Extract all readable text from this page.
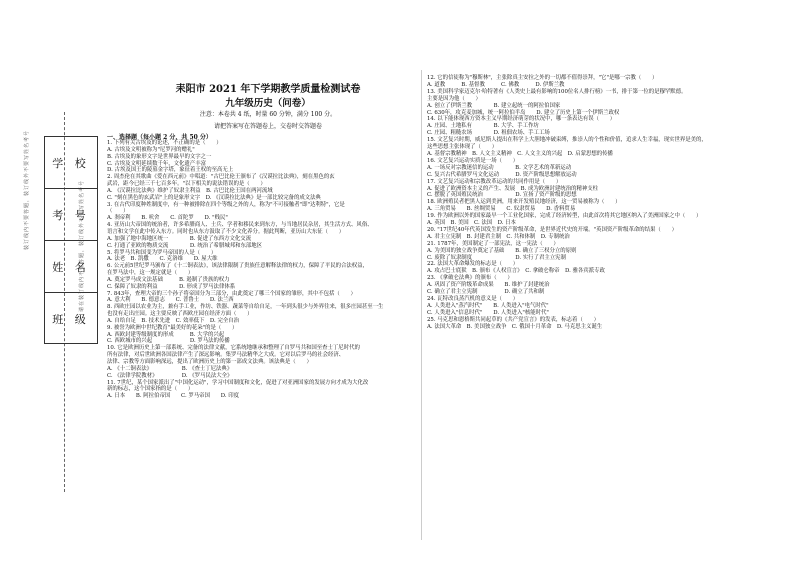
装订线内不要答题，装订线外不要写姓名考号	请在装订线内不要答题，装订线外不要写姓名考号
学 校
考 号
姓 名
班 级
耒阳市 2021 年下学期教学质量检测试卷
九年级历史（问卷）
注意：本卷共 4 纸，时量 60 分钟，满分 100 分。
请把答案写在答题卷上，交卷时交答题卷
一、选择题（每小题 2 分，共 50 分）

1. 下列有关古埃及的论述，不正确的是（　　）

A. 古埃及文明被称为"尼罗河的赠礼"

B. 古埃及的象形文字是世界最早的文字之一

C. 古埃及文明延续数千年，文化遗产丰富

D. 古埃及国王的陵墓金字塔，象征着王权的至高无上

2. 周杰伦在其歌曲《爱在西元前》中唱道："古巴比伦王颁布了《汉谟拉比法典》，刻在黑色的玄

武岩，距今已经三千七百多年。"以下相关的说法错误的是（　　）

A. 《汉谟拉比法典》维护了奴隶主利益　B. 古巴比伦王国在两河流域

C. "刻在黑色的玄武岩"上的是象形文字　D. 《汉谟拉比法典》是一部比较完备的成文法典

3. 在古代印度种姓制度中，有一种被排除在四个等级之外的人，称为"不可接触者"即"达利特"，它是

（　　）

A. 刹帝利　　B. 吠舍　　C. 首陀罗　　D. "贱民"

4. 亚历山大帝国的统治者，许多希腊商人、士兵、学者和移民来到东方，与当地居民杂居，其生活方式、风俗、

语言和文学在此中传入东方。同时也从东方汲取了不少文化养分。据此判断，亚历山大东征（　　）

A. 加强了地中海地区统一　　　　B. 促进了东西方文化交流

C. 打通了亚欧的物质交流　　　　D. 统治了希腊城邦和东部地区

5. 将罗马共和国变为罗马帝国的人是（　　）

A. 法老　B. 凯撒　　C. 克洛维　　D. 屋大维

6. 公元前5世纪罗马颁布了《十二铜表法》，该法律限制了贵族任意解释法律的权力，保障了平民的合法权益，

在罗马法中，这一规定就是（　　）

A. 奠定罗马成文法基础　　　B. 遏制了贵族的权力

C. 保障了奴隶的利益　　　　D. 形成了罗马法律体系

7. 843年，查理大帝的三个孙子将帝国分为三部分，由此奠定了哪三个国家的雏形，其中不包括（　　）

A. 意大利　　B. 德意志　　C. 普鲁士　　D. 法兰西

8. 西欧庄园以农业为主，兼有手工业，作坊、铁器、蔬菜等自给自足，一年到头很少与外界往来，很多庄园甚至一生

也没有走出庄园。这主要反映了西欧庄园在经济方面（　　）

A. 自给自足　B. 技术先进　C. 效率低下　D. 完全自治

9. 被誉为欧洲中世纪教育"最美好的花朵"的是（　　）

A. 西欧封建等级制度的形成　　　B. 大学的兴起

C. 西欧城市的兴起　　　　　　　D. 罗马法的传播

10. 它是欧洲历史上第一部系统、完备的法律文献，它系统地继承和整理了自罗马共和国至查士丁尼时代的

所有法律，对后世欧洲各国法律产生了深远影响。集罗马法精华之大成。它对以后罗马的社会经济、

法律、宗教等方面影响深远，提出了欧洲历史上的第一部成文法典。该法典是（　　）

A. 《十二铜表法》　　　　　　B. 《查士丁尼法典》

C. 《法律学院教材》　　　　　D. 《罗马民法大全》

11. 7世纪，某个国家派出了"中国化运动"，学习中国制度和文化，促进了对亚洲国家的发展方向才成为大化改

新的标志，这个国家指的是（　　）

A. 日本　　B. 阿拉伯帝国　　C. 罗马帝国　　D. 印度

12. 它的信徒称为"穆斯林"，主张除真主安拉之外的一切都不值得崇拜，"它"是哪一宗教（　　）

A. 道教　　　B. 基督教　　　C. 佛教　　　D. 伊斯兰教

13. 美国科学家迈克尔·哈特著有《人类史上最有影响的100位名人排行榜》一书，排于第一位的是穆罕默德。

主要是因为他（　　）

A. 创立了伊斯兰教　　　　B. 建立起统一的阿拉伯国家

C. 630年，攻克麦加城，统一阿拉伯半岛　　D. 建立了历史上第一个伊斯兰政权

14. 以下能体现西方资本主义早期经济萌芽的状况中，哪一条表达有误（　　）

A. 庄园、土地私有　　　　B. 大学、手工作坊

C. 庄园、粗糙农场　　　　D. 租佃农场、手工工场

15. 文艺复兴时期，威尼斯人提出在科学上大胆地冲破束缚，推崇人的个性和价值，追求人生幸福，现实世界是美的，

这些思想主张体现了（　　）

A. 基督宗教精神　B. 人文主义精神　C. 人文主义的兴起　D. 启蒙思想的传播

16. 文艺复兴运动实质是一场（　　）

A. 一场反对宗教迷信的运动　　　　B. 文学艺术的革新运动

C. 复兴古代希腊罗马文化运动　　　D. 资产阶级思想解放运动

17. 文艺复兴运动和宗教改革运动的共同作用是（　　）

A. 促进了欧洲资本主义的产生、发展　B. 成为欧洲封建统治的精神支柱

C. 摆脱了英国殖民统治　　　　　　D. 宣扬了资产阶级的思想

18. 欧洲殖民者把黑人运到美洲，用来开发殖民地经济，这一贸易被称为（　　）

A. 三角贸易　　B. 丝绸贸易　　C. 奴隶贸易　　D. 香料贸易

19. 作为欧洲以外的国家最早一个工业化国家，完成了经济转型，由此首次将其它地区纳入了美洲国家之中（　　）

A. 英国　B. 美国　C. 法国　D. 日本

20. "17世纪40年代英国发生的资产阶级革命，是世界近代史的开端。"英国资产阶级革命的结果（　　）

A. 君主立宪制　B. 封建君主制　C. 共和体制　D. 专制统治

21. 1787年，美国制定了一部宪法，这一宪法（　　）

A. 为美国的独立战争奠定了基础　　B. 确立了三权分立的原则

C. 废除了奴隶制度　　　　　　　　D. 实行了君主立宪制

22. 法国大革命爆发的标志是（　　）

A. 攻占巴士底狱　B. 颁布《人权宣言》　C. 拿破仑称帝　D. 雅各宾派专政

23. 《拿破仑法典》的颁布（　　）

A. 巩固了资产阶级革命成果　　B. 维护了封建统治

C. 确立了君主立宪制　　　　　D. 确立了共和制

24. 瓦特改良蒸汽机的意义是（　　）

A. 人类进入"蒸汽时代"　　B. 人类进入"电气时代"

C. 人类进入"信息时代"　　D. 人类进入"核能时代"

25. 马克思和恩格斯共同起草的《共产党宣言》的发表，标志着（　　）

A. 法国大革命　B. 美国独立战争　C. 俄国十月革命　D. 马克思主义诞生
